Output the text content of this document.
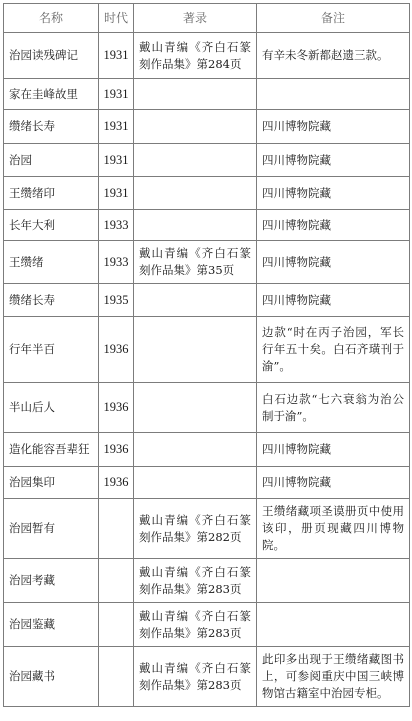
名称	时代	著录	备注
治园读残碑记	1931	戴山青编《齐白石篆刻作品集》第284页	有辛未冬新都赵遗三款。
家在圭峰故里	1931		
缵绪长寿	1931		四川博物院藏
治园	1931		四川博物院藏
王缵绪印	1931		四川博物院藏
长年大利	1933		四川博物院藏
王缵绪	1933	戴山青编《齐白石篆刻作品集》第35页	四川博物院藏
缵绪长寿	1935		四川博物院藏
行年半百	1936		边款“时在丙子治园，军长行年五十矣。白石齐璜刊于渝”。
半山后人	1936		白石边款“七六衰翁为治公制于渝”。
造化能容吾辈狂	1936		四川博物院藏
治园集印	1936		四川博物院藏
治园暂有		戴山青编《齐白石篆刻作品集》第282页	王缵绪藏项圣谟册页中使用该印，册页现藏四川博物院。
治园考藏		戴山青编《齐白石篆刻作品集》第283页	
治园鉴藏		戴山青编《齐白石篆刻作品集》第283页	
治园藏书		戴山青编《齐白石篆刻作品集》第283页	此印多出现于王缵绪藏图书上，可参阅重庆中国三峡博物馆古籍室中治园专柜。
